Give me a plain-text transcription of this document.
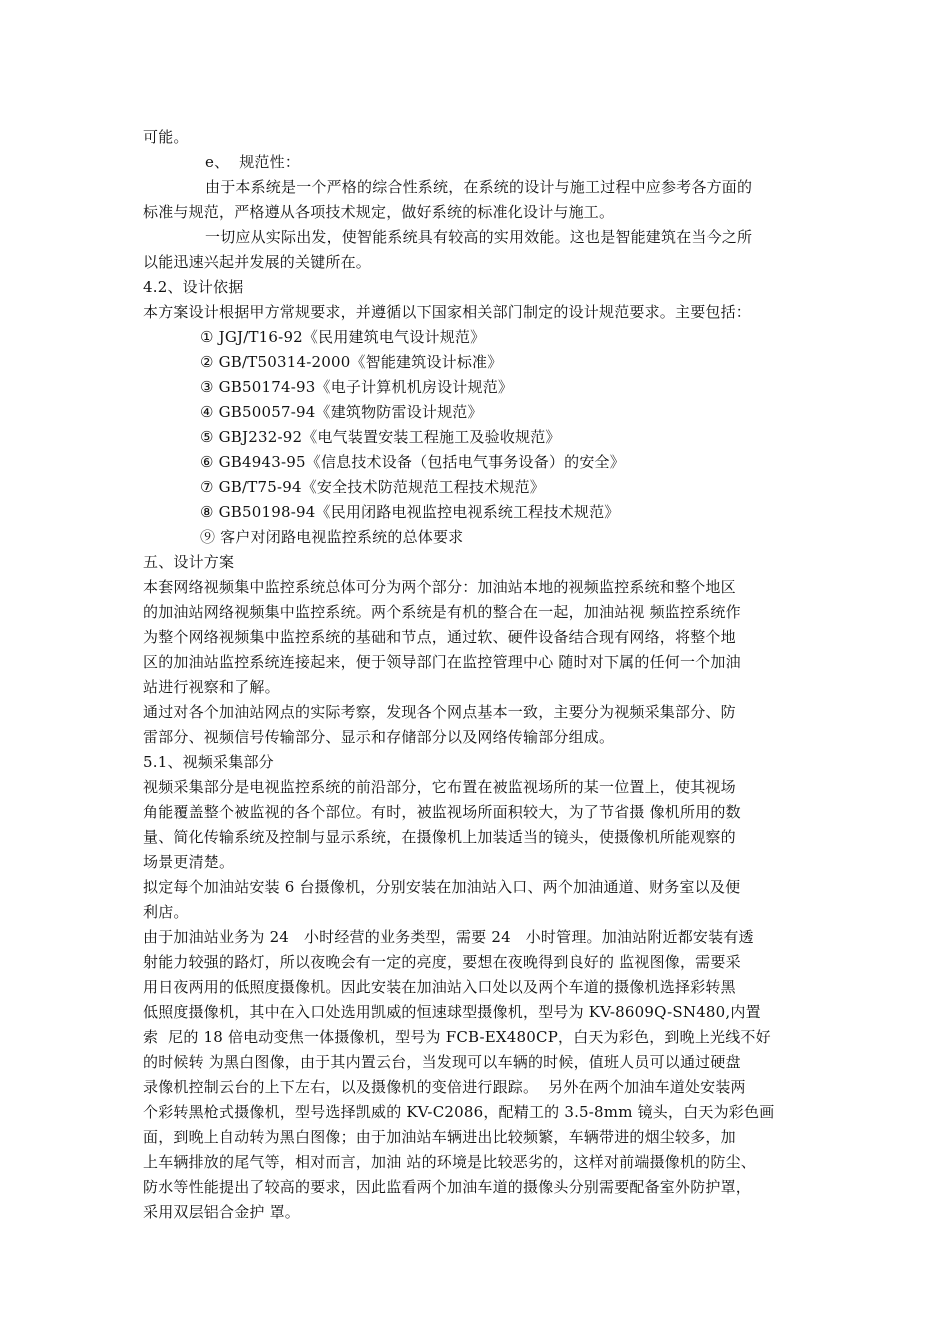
可能。
e、  规范性：
由于本系统是一个严格的综合性系统，在系统的设计与施工过程中应参考各方面的
标准与规范，严格遵从各项技术规定，做好系统的标准化设计与施工。
一切应从实际出发，使智能系统具有较高的实用效能。这也是智能建筑在当今之所
以能迅速兴起并发展的关键所在。
4.2、设计依据
本方案设计根据甲方常规要求，并遵循以下国家相关部门制定的设计规范要求。主要包括：
① JGJ/T16-92《民用建筑电气设计规范》
② GB/T50314-2000《智能建筑设计标准》
③ GB50174-93《电子计算机机房设计规范》
④ GB50057-94《建筑物防雷设计规范》
⑤ GBJ232-92《电气装置安装工程施工及验收规范》
⑥ GB4943-95《信息技术设备（包括电气事务设备）的安全》
⑦ GB/T75-94《安全技术防范规范工程技术规范》
⑧ GB50198-94《民用闭路电视监控电视系统工程技术规范》
⑨ 客户对闭路电视监控系统的总体要求
五、设计方案
本套网络视频集中监控系统总体可分为两个部分：加油站本地的视频监控系统和整个地区
的加油站网络视频集中监控系统。两个系统是有机的整合在一起，加油站视 频监控系统作
为整个网络视频集中监控系统的基础和节点，通过软、硬件设备结合现有网络，将整个地
区的加油站监控系统连接起来，便于领导部门在监控管理中心 随时对下属的任何一个加油
站进行视察和了解。
通过对各个加油站网点的实际考察，发现各个网点基本一致，主要分为视频采集部分、防
雷部分、视频信号传输部分、显示和存储部分以及网络传输部分组成。
5.1、视频采集部分
视频采集部分是电视监控系统的前沿部分，它布置在被监视场所的某一位置上，使其视场
角能覆盖整个被监视的各个部位。有时，被监视场所面积较大，为了节省摄 像机所用的数
量、简化传输系统及控制与显示系统，在摄像机上加装适当的镜头，使摄像机所能观察的
场景更清楚。
拟定每个加油站安装 6 台摄像机，分别安装在加油站入口、两个加油通道、财务室以及便
利店。
由于加油站业务为 24   小时经营的业务类型，需要 24   小时管理。加油站附近都安装有透
射能力较强的路灯，所以夜晚会有一定的亮度，要想在夜晚得到良好的 监视图像，需要采
用日夜两用的低照度摄像机。因此安装在加油站入口处以及两个车道的摄像机选择彩转黑
低照度摄像机，其中在入口处选用凯威的恒速球型摄像机，型号为 KV-8609Q-SN480,内置
索  尼的 18 倍电动变焦一体摄像机，型号为 FCB-EX480CP，白天为彩色，到晚上光线不好
的时候转 为黑白图像，由于其内置云台，当发现可以车辆的时候，值班人员可以通过硬盘
录像机控制云台的上下左右，以及摄像机的变倍进行跟踪。  另外在两个加油车道处安装两
个彩转黑枪式摄像机，型号选择凯威的 KV-C2086，配精工的 3.5-8mm 镜头，白天为彩色画
面，到晚上自动转为黑白图像；由于加油站车辆进出比较频繁，车辆带进的烟尘较多，加
上车辆排放的尾气等，相对而言，加油 站的环境是比较恶劣的，这样对前端摄像机的防尘、
防水等性能提出了较高的要求，因此监看两个加油车道的摄像头分别需要配备室外防护罩，
采用双层铝合金护 罩。
